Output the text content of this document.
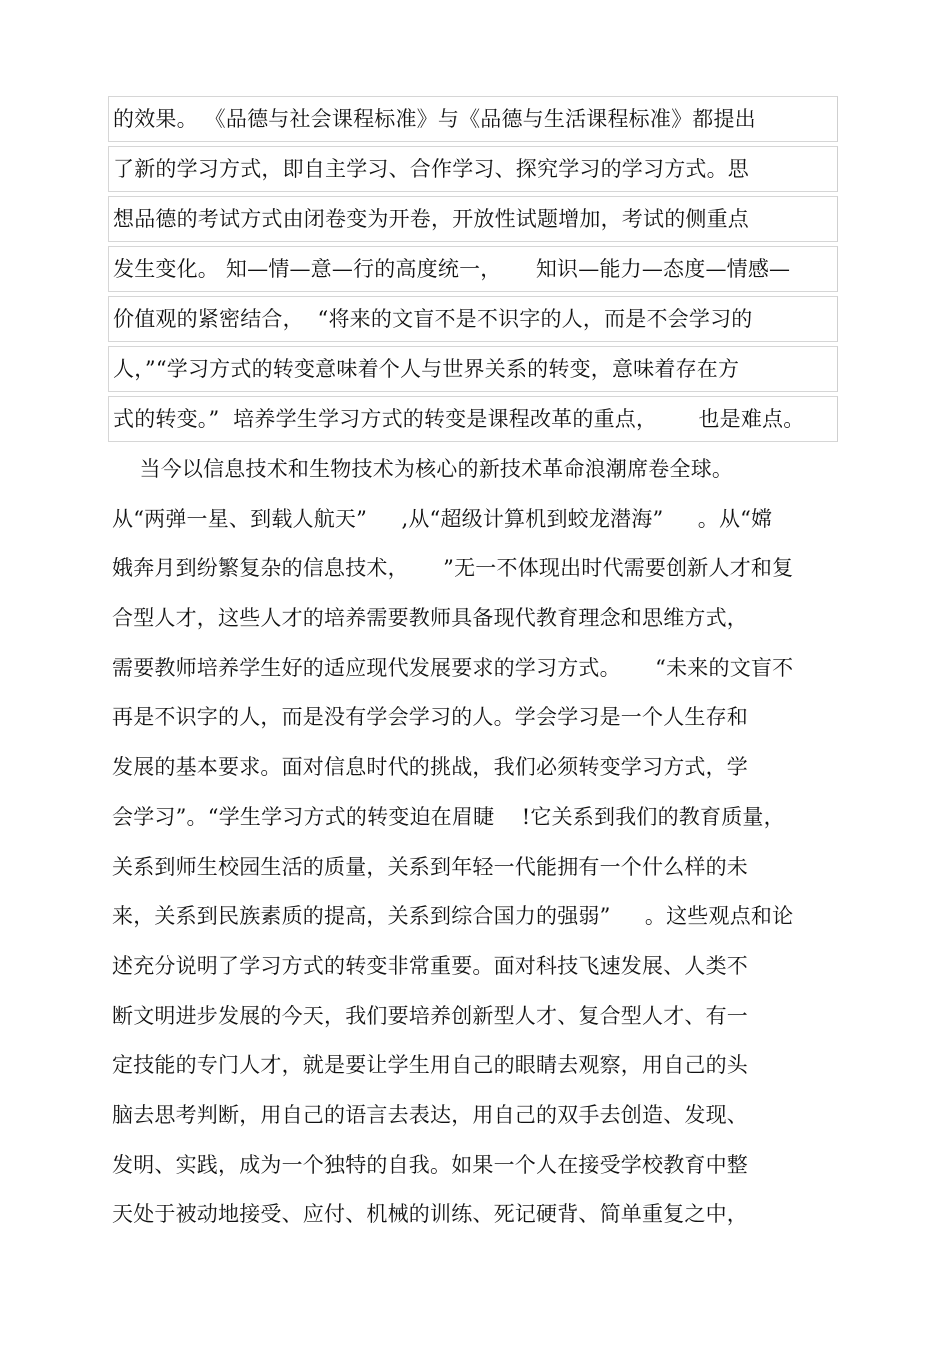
的效果。 《品德与社会课程标准》与《品德与生活课程标准》都提出
了新的学习方式，即自主学习、合作学习、探究学习的学习方式。思
想品德的考试方式由闭卷变为开卷，开放性试题增加，考试的侧重点
发生变化。 知—情—意—行的高度统一，     知识—能力—态度—情感—
价值观的紧密结合，  “将来的文盲不是不识字的人，而是不会学习的
人，”“学习方式的转变意味着个人与世界关系的转变，意味着存在方
式的转变。”  培养学生学习方式的转变是课程改革的重点，      也是难点。
当今以信息技术和生物技术为核心的新技术革命浪潮席卷全球。
从“两弹一星、到载人航天”     ,从“超级计算机到蛟龙潜海”     。从“嫦
娥奔月到纷繁复杂的信息技术，     ”无一不体现出时代需要创新人才和复
合型人才，这些人才的培养需要教师具备现代教育理念和思维方式，
需要教师培养学生好的适应现代发展要求的学习方式。     “未来的文盲不
再是不识字的人，而是没有学会学习的人。学会学习是一个人生存和
发展的基本要求。面对信息时代的挑战，我们必须转变学习方式，学
会学习”。“学生学习方式的转变迫在眉睫    !它关系到我们的教育质量，
关系到师生校园生活的质量，关系到年轻一代能拥有一个什么样的未
来，关系到民族素质的提高，关系到综合国力的强弱”     。这些观点和论
述充分说明了学习方式的转变非常重要。面对科技飞速发展、人类不
断文明进步发展的今天，我们要培养创新型人才、复合型人才、有一
定技能的专门人才，就是要让学生用自己的眼睛去观察，用自己的头
脑去思考判断，用自己的语言去表达，用自己的双手去创造、发现、
发明、实践，成为一个独特的自我。如果一个人在接受学校教育中整
天处于被动地接受、应付、机械的训练、死记硬背、简单重复之中，
